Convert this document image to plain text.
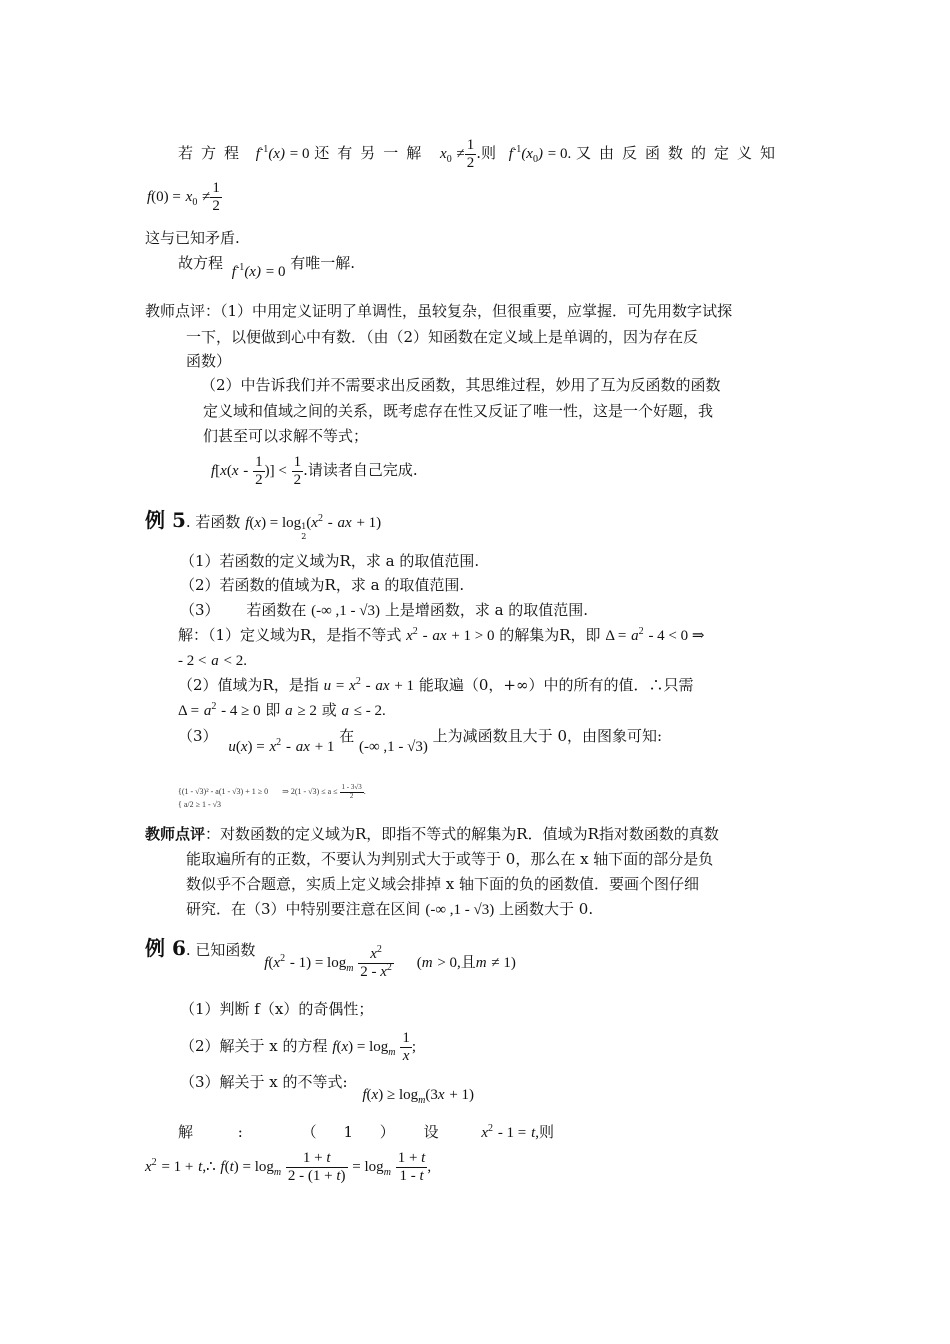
若方程 $f^{-1}(x) = 0$ 还有另一解 $x_0 \ne \frac{1}{2}$ .则 $f^{-1}(x_0) = 0$. 又由反函数的定义知
$f(0) = x_0 \ne \frac{1}{2}$
这与已知矛盾.
故方程 $f^{-1}(x) = 0$ 有唯一解.
教师点评：（1）中用定义证明了单调性，虽较复杂，但很重要，应掌握．可先用数字试探
一下，以便做到心中有数．（由（2）知函数在定义域上是单调的，因为存在反
函数）
（2）中告诉我们并不需要求出反函数，其思维过程，妙用了互为反函数的函数
定义域和值域之间的关系，既考虑存在性又反证了唯一性，这是一个好题，我
们甚至可以求解不等式；
$f[x(x - \frac{1}{2}$ )] < $\frac{1}{2}$ .请读者自己完成.
例 5. 若函数 f(x) = log 1
2
($x^2$ - ax + 1)
（1）若函数的定义域为R，求 a 的取值范围.
（2）若函数的值域为R，求 a 的取值范围.
（3） 若函数在 (-∞ ,1 - √3) 上是增函数，求 a 的取值范围.
解：（1）定义域为R，是指不等式 $x^2$ - ax + 1 > 0 的解集为R，即 $\Delta = a^2 - 4 < 0$ ⇒
- 2 < a < 2.
（2）值域为R，是指 $u = x^2$ - ax + 1 能取遍（0，+∞）中的所有的值．∴只需
$\Delta = a^2 - 4 \ge 0$ 即 a ≥ 2 或 a ≤ - 2.
（3） $u(x) = x^2$ - ax + 1 在 (-∞ ,1 - √3) 上为减函数且大于 0，由图象可知:
{(1 - √3)² - a(1 - √3) + 1 ≥ 0 ⇒ $2(1 - √3) \le a \le \frac{1 - 3√3}{2}$ .
{ a/2 ≥ 1 - √3
教师点评：对数函数的定义域为R，即指不等式的解集为R．值域为R指对数函数的真数
能取遍所有的正数，不要认为判别式大于或等于 0，那么在 x 轴下面的部分是负
数似乎不合题意，实质上定义域会排掉 x 轴下面的负的函数值．要画个图仔细
研究．在（3）中特别要注意在区间 (-∞ ,1 - √3) 上函数大于 0.
例 6. 已知函数 $f(x^2 - 1) = \log_m \frac{x^2}{2 - x^2} (m > 0$,且m ≠ 1)
（1）判断 f（x）的奇偶性；
（2）解关于 x 的方程 $f(x) = \log_m \frac{1}{x}$ ;
（3）解关于 x 的不等式: $f(x) \ge \log_m(3x + 1)$
解	:	（ 1 ） 设	$x^2 - 1 = t$,则
$x^2 = 1$ + t,∴ $f(t) = \log_m \frac{1 + t}{2 - (1 + t)} = \log_m \frac{1 + t}{1 - t}$ ,
